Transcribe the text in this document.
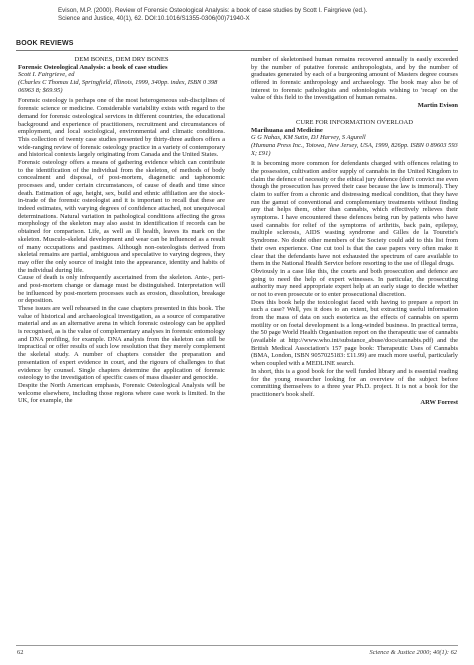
Evison, M.P. (2000). Review of Forensic Osteological Analysis: a book of case studies by Scott I. Fairgrieve (ed.).
Science and Justice, 40(1), 62. DOI:10.1016/S1355-0306(00)71940-X
BOOK REVIEWS

DEM BONES, DEM DRY BONES

Forensic Osteological Analysis: a book of case studies

Scott I. Fairgrieve, ed

(Charles C Thomas Ltd, Springfield, Illinois, 1999, 340pp. index, ISBN 0 398 06963 8; $69.95)

Forensic osteology is perhaps one of the most heterogeneous sub-disciplines of forensic science or medicine. Considerable variability exists with regard to the demand for forensic osteological services in different countries, the educational background and experience of practitioners, recruitment and circumstances of employment, and local sociological, environmental and climatic conditions. This collection of twenty case studies presented by thirty-three authors offers a wide-ranging review of forensic osteology practice in a variety of contemporary and historical contexts largely originating from Canada and the United States.

Forensic osteology offers a means of gathering evidence which can contribute to the identification of the individual from the skeleton, of methods of body concealment and disposal, of post-mortem, diagenetic and taphonomic processes and, under certain circumstances, of cause of death and time since death. Estimation of age, height, sex, build and ethnic affiliation are the stock-in-trade of the forensic osteologist and it is important to recall that these are indeed estimates, with varying degrees of confidence attached, not unequivocal determinations. Natural variation in pathological conditions affecting the gross morphology of the skeleton may also assist in identification if records can be obtained for comparison. Life, as well as ill health, leaves its mark on the skeleton. Musculo-skeletal development and wear can be influenced as a result of many occupations and pastimes. Although non-osteologists derived from skeletal remains are partial, ambiguous and speculative to varying degrees, they may offer the only source of insight into the appearance, identity and habits of the individual during life.

Cause of death is only infrequently ascertained from the skeleton. Ante-, peri- and post-mortem change or damage must be distinguished. Interpretation will be influenced by post-mortem processes such as erosion, dissolution, breakage or deposition.

These issues are well rehearsed in the case chapters presented in this book. The value of historical and archaeological investigation, as a source of comparative material and as an alternative arena in which forensic osteology can be applied is recognised, as is the value of complementary analyses in forensic entomology and DNA profiling, for example. DNA analysis from the skeleton can still be impractical or offer results of such low resolution that they merely complement the skeletal study. A number of chapters consider the preparation and presentation of expert evidence in court, and the rigours of challenges to that evidence by counsel. Single chapters determine the application of forensic osteology to the investigation of specific cases of mass disaster and genocide.

Despite the North American emphasis, Forensic Osteological Analysis will be welcome elsewhere, including those regions where case work is limited. In the UK, for example, the

number of skeletonised human remains recovered annually is easily exceeded by the number of putative forensic anthropologists, and by the number of graduates generated by each of a burgeoning amount of Masters degree courses offered in forensic anthropology and archaeology. The book may also be of interest to forensic pathologists and odontologists wishing to 'recap' on the value of this field to the investigation of human remains.

Martin Evison

CURE FOR INFORMATION OVERLOAD

Marihuana and Medicine

G G Nahas, KM Sutin, DJ Harvey, S Agurell

(Humana Press Inc., Totowa, New Jersey, USA, 1999, 826pp. ISBN 0 89603 593 X; £91)

It is becoming more common for defendants charged with offences relating to the possession, cultivation and/or supply of cannabis in the United Kingdom to claim the defence of necessity or the ethical jury defence (don't convict me even though the prosecution has proved their case because the law is immoral). They claim to suffer from a chronic and distressing medical condition, that they have run the gamut of conventional and complementary treatments without finding any that helps them, other than cannabis, which effectively relieves their symptoms. I have encountered these defences being run by patients who have used cannabis for relief of the symptoms of arthritis, back pain, epilepsy, multiple sclerosis, AIDS wasting syndrome and Gilles de la Tourette's Syndrome. No doubt other members of the Society could add to this list from their own experience. One cut tool is that the case papers very often make it clear that the defendants have not exhausted the spectrum of care available to them in the National Health Service before resorting to the use of illegal drugs.

Obviously in a case like this, the courts and both prosecution and defence are going to need the help of expert witnesses. In particular, the prosecuting authority may need appropriate expert help at an early stage to decide whether or not to even prosecute or to enter prosecutional discretion.

Does this book help the toxicologist faced with having to prepare a report in such a case? Well, yes it does to an extent, but extracting useful information from the mass of data on such esoterica as the effects of cannabis on sperm motility or on foetal development is a long-winded business. In practical terms, the 50 page World Health Organisation report on the therapeutic use of cannabis (available at http://www.who.int/substance_abuse/docs/cannabis.pdf) and the British Medical Association's 157 page book: Therapeutic Uses of Cannabis (BMA, London, ISBN 9057025183: £11.99) are much more useful, particularly when coupled with a MEDLINE search.

In short, this is a good book for the well funded library and is essential reading for the young researcher looking for an overview of the subject before committing themselves to a three year Ph.D. project. It is not a book for the practitioner's book shelf.

ARW Forrest

62	Science & Justice 2000; 40(1): 62
